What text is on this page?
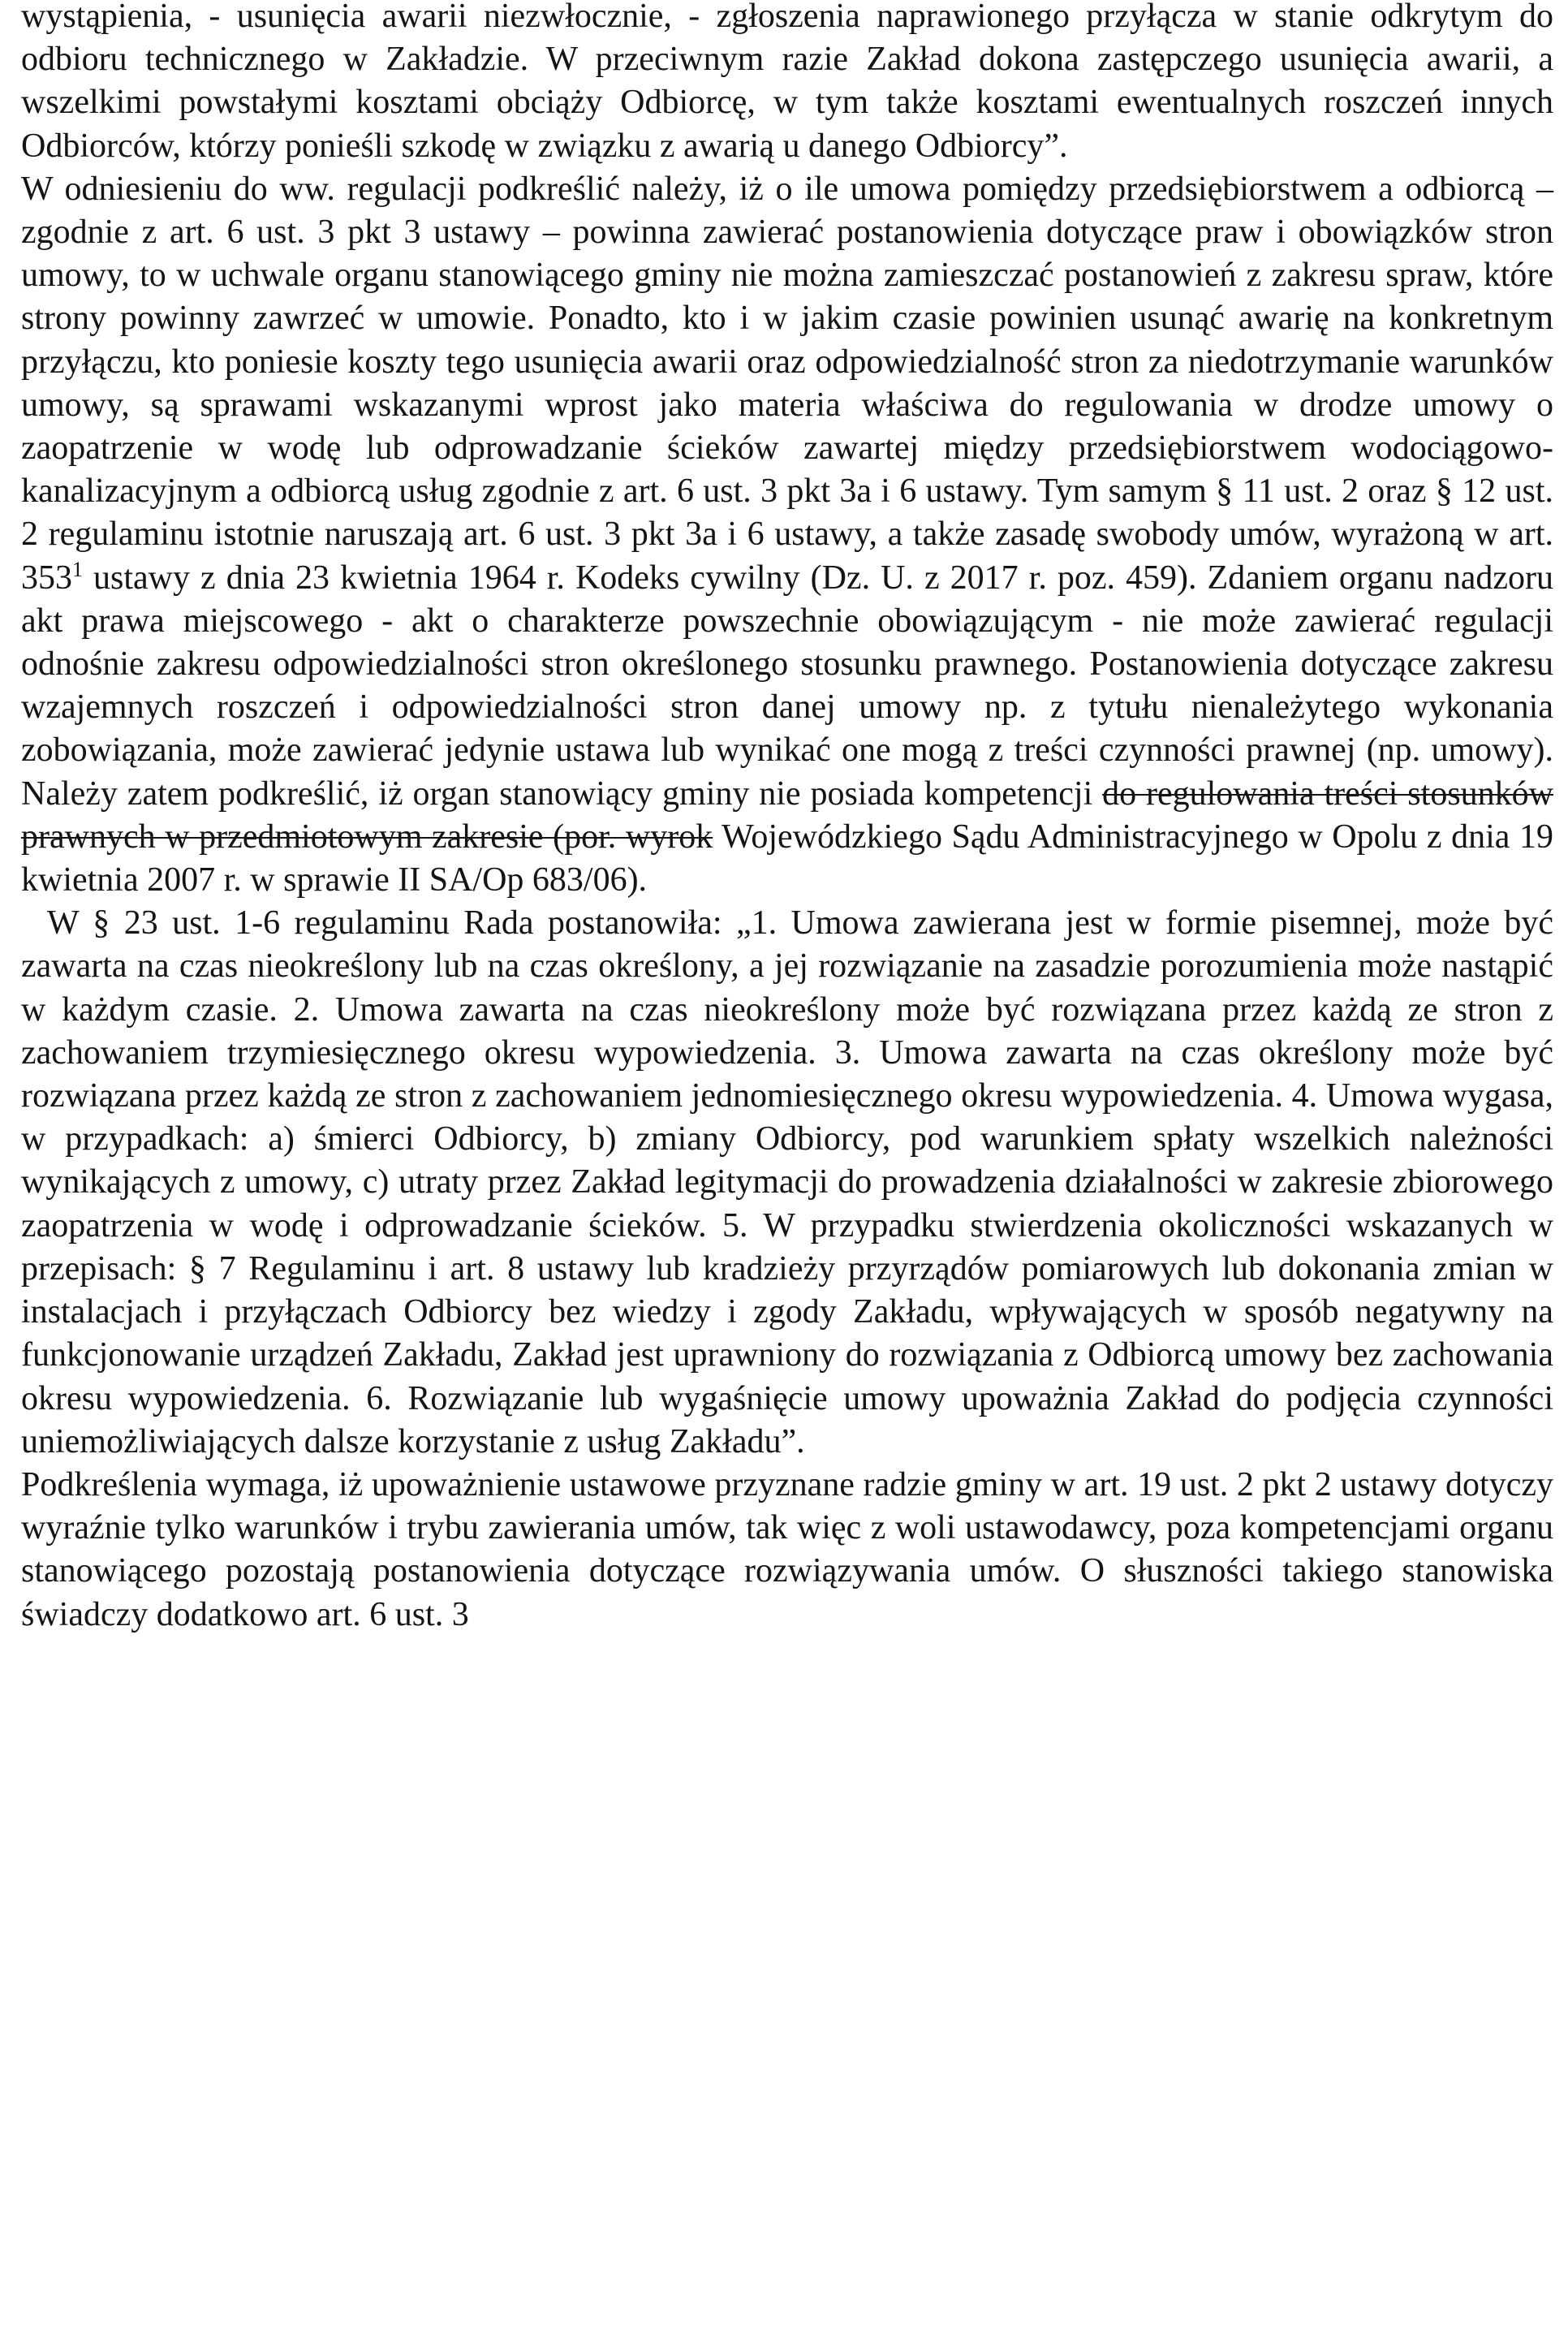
wystąpienia, - usunięcia awarii niezwłocznie, - zgłoszenia naprawionego przyłącza w stanie odkrytym do odbioru technicznego w Zakładzie. W przeciwnym razie Zakład dokona zastępczego usunięcia awarii, a wszelkimi powstałymi kosztami obciąży Odbiorcę, w tym także kosztami ewentualnych roszczeń innych Odbiorców, którzy ponieśli szkodę w związku z awarią u danego Odbiorcy”.

W odniesieniu do ww. regulacji podkreślić należy, iż o ile umowa pomiędzy przedsiębiorstwem a odbiorcą – zgodnie z art. 6 ust. 3 pkt 3 ustawy – powinna zawierać postanowienia dotyczące praw i obowiązków stron umowy, to w uchwale organu stanowiącego gminy nie można zamieszczać postanowień z zakresu spraw, które strony powinny zawrzeć w umowie. Ponadto, kto i w jakim czasie powinien usunąć awarię na konkretnym przyłączu, kto poniesie koszty tego usunięcia awarii oraz odpowiedzialność stron za niedotrzymanie warunków umowy, są sprawami wskazanymi wprost jako materia właściwa do regulowania w drodze umowy o zaopatrzenie w wodę lub odprowadzanie ścieków zawartej między przedsiębiorstwem wodociągowo-kanalizacyjnym a odbiorcą usług zgodnie z art. 6 ust. 3 pkt 3a i 6 ustawy. Tym samym § 11 ust. 2 oraz § 12 ust. 2 regulaminu istotnie naruszają art. 6 ust. 3 pkt 3a i 6 ustawy, a także zasadę swobody umów, wyrażoną w art. 353$^1$ ustawy z dnia 23 kwietnia 1964 r. Kodeks cywilny (Dz. U. z 2017 r. poz. 459). Zdaniem organu nadzoru akt prawa miejscowego - akt o charakterze powszechnie obowiązującym - nie może zawierać regulacji odnośnie zakresu odpowiedzialności stron określonego stosunku prawnego. Postanowienia dotyczące zakresu wzajemnych roszczeń i odpowiedzialności stron danej umowy np. z tytułu nienależytego wykonania zobowiązania, może zawierać jedynie ustawa lub wynikać one mogą z treści czynności prawnej (np. umowy). Należy zatem podkreślić, iż organ stanowiący gminy nie posiada kompetencji do regulowania treści stosunków prawnych w przedmiotowym zakresie (por. wyrok Wojewódzkiego Sądu Administracyjnego w Opolu z dnia 19 kwietnia 2007 r. w sprawie II SA/Op 683/06).

W § 23 ust. 1-6 regulaminu Rada postanowiła: „1. Umowa zawierana jest w formie pisemnej, może być zawarta na czas nieokreślony lub na czas określony, a jej rozwiązanie na zasadzie porozumienia może nastąpić w każdym czasie. 2. Umowa zawarta na czas nieokreślony może być rozwiązana przez każdą ze stron z zachowaniem trzymiesięcznego okresu wypowiedzenia. 3. Umowa zawarta na czas określony może być rozwiązana przez każdą ze stron z zachowaniem jednomiesięcznego okresu wypowiedzenia. 4. Umowa wygasa, w przypadkach: a) śmierci Odbiorcy, b) zmiany Odbiorcy, pod warunkiem spłaty wszelkich należności wynikających z umowy, c) utraty przez Zakład legitymacji do prowadzenia działalności w zakresie zbiorowego zaopatrzenia w wodę i odprowadzanie ścieków. 5. W przypadku stwierdzenia okoliczności wskazanych w przepisach: § 7 Regulaminu i art. 8 ustawy lub kradzieży przyrządów pomiarowych lub dokonania zmian w instalacjach i przyłączach Odbiorcy bez wiedzy i zgody Zakładu, wpływających w sposób negatywny na funkcjonowanie urządzeń Zakładu, Zakład jest uprawniony do rozwiązania z Odbiorcą umowy bez zachowania okresu wypowiedzenia. 6. Rozwiązanie lub wygaśnięcie umowy upoważnia Zakład do podjęcia czynności uniemożliwiających dalsze korzystanie z usług Zakładu”.

Podkreślenia wymaga, iż upoważnienie ustawowe przyznane radzie gminy w art. 19 ust. 2 pkt 2 ustawy dotyczy wyraźnie tylko warunków i trybu zawierania umów, tak więc z woli ustawodawcy, poza kompetencjami organu stanowiącego pozostają postanowienia dotyczące rozwiązywania umów. O słuszności takiego stanowiska świadczy dodatkowo art. 6 ust. 3
